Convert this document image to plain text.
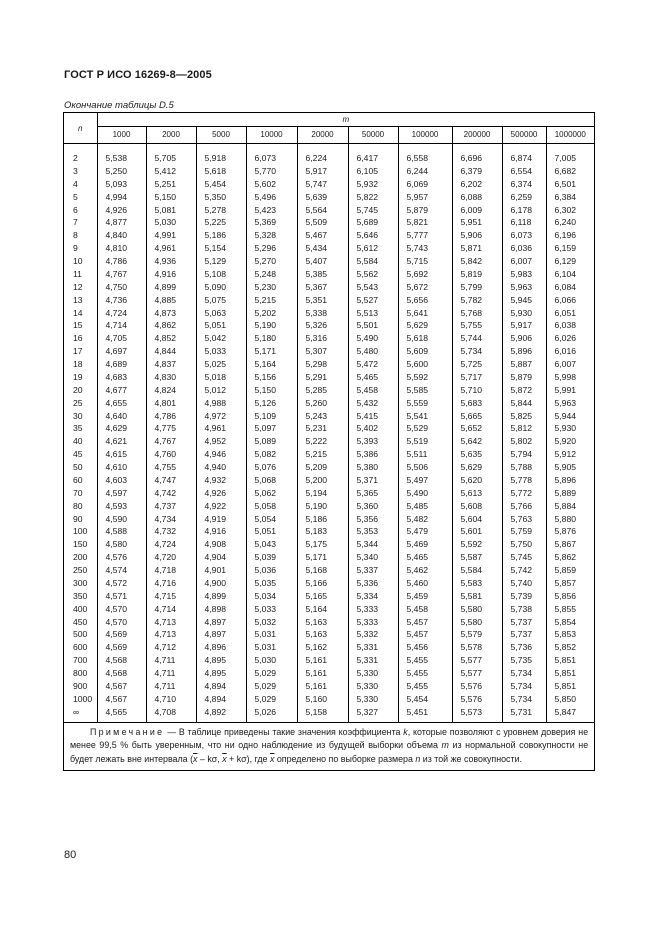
ГОСТ Р ИСО 16269-8—2005
Окончание таблицы D.5
n	m									
	1000	2000	5000	10000	20000	50000	100000	200000	500000	1000000

2	5,538	5,705	5,918	6,073	6,224	6,417	6,558	6,696	6,874	7,005
3	5,250	5,412	5,618	5,770	5,917	6,105	6,244	6,379	6,554	6,682
4	5,093	5,251	5,454	5,602	5,747	5,932	6,069	6,202	6,374	6,501
5	4,994	5,150	5,350	5,496	5,639	5,822	5,957	6,088	6,259	6,384
6	4,926	5,081	5,278	5,423	5,564	5,745	5,879	6,009	6,178	6,302
7	4,877	5,030	5,225	5,369	5,509	5,689	5,821	5,951	6,118	6,240
8	4,840	4,991	5,186	5,328	5,467	5,646	5,777	5,906	6,073	6,196
9	4,810	4,961	5,154	5,296	5,434	5,612	5,743	5,871	6,036	6,159
10	4,786	4,936	5,129	5,270	5,407	5,584	5,715	5,842	6,007	6,129
11	4,767	4,916	5,108	5,248	5,385	5,562	5,692	5,819	5,983	6,104
12	4,750	4,899	5,090	5,230	5,367	5,543	5,672	5,799	5,963	6,084
13	4,736	4,885	5,075	5,215	5,351	5,527	5,656	5,782	5,945	6,066
14	4,724	4,873	5,063	5,202	5,338	5,513	5,641	5,768	5,930	6,051
15	4,714	4,862	5,051	5,190	5,326	5,501	5,629	5,755	5,917	6,038
16	4,705	4,852	5,042	5,180	5,316	5,490	5,618	5,744	5,906	6,026
17	4,697	4,844	5,033	5,171	5,307	5,480	5,609	5,734	5,896	6,016
18	4,689	4,837	5,025	5,164	5,298	5,472	5,600	5,725	5,887	6,007
19	4,683	4,830	5,018	5,156	5,291	5,465	5,592	5,717	5,879	5,998
20	4,677	4,824	5,012	5,150	5,285	5,458	5,585	5,710	5,872	5,991
25	4,655	4,801	4,988	5,126	5,260	5,432	5,559	5,683	5,844	5,963
30	4,640	4,786	4,972	5,109	5,243	5,415	5,541	5,665	5,825	5,944
35	4,629	4,775	4,961	5,097	5,231	5,402	5,529	5,652	5,812	5,930
40	4,621	4,767	4,952	5,089	5,222	5,393	5,519	5,642	5,802	5,920
45	4,615	4,760	4,946	5,082	5,215	5,386	5,511	5,635	5,794	5,912
50	4,610	4,755	4,940	5,076	5,209	5,380	5,506	5,629	5,788	5,905
60	4,603	4,747	4,932	5,068	5,200	5,371	5,497	5,620	5,778	5,896
70	4,597	4,742	4,926	5,062	5,194	5,365	5,490	5,613	5,772	5,889
80	4,593	4,737	4,922	5,058	5,190	5,360	5,485	5,608	5,766	5,884
90	4,590	4,734	4,919	5,054	5,186	5,356	5,482	5,604	5,763	5,880
100	4,588	4,732	4,916	5,051	5,183	5,353	5,479	5,601	5,759	5,876
150	4,580	4,724	4,908	5,043	5,175	5,344	5,469	5,592	5,750	5,867
200	4,576	4,720	4,904	5,039	5,171	5,340	5,465	5,587	5,745	5,862
250	4,574	4,718	4,901	5,036	5,168	5,337	5,462	5,584	5,742	5,859
300	4,572	4,716	4,900	5,035	5,166	5,336	5,460	5,583	5,740	5,857
350	4,571	4,715	4,899	5,034	5,165	5,334	5,459	5,581	5,739	5,856
400	4,570	4,714	4,898	5,033	5,164	5,333	5,458	5,580	5,738	5,855
450	4,570	4,713	4,897	5,032	5,163	5,333	5,457	5,580	5,737	5,854
500	4,569	4,713	4,897	5,031	5,163	5,332	5,457	5,579	5,737	5,853
600	4,569	4,712	4,896	5,031	5,162	5,331	5,456	5,578	5,736	5,852
700	4,568	4,711	4,895	5,030	5,161	5,331	5,455	5,577	5,735	5,851
800	4,568	4,711	4,895	5,029	5,161	5,330	5,455	5,577	5,734	5,851
900	4,567	4,711	4,894	5,029	5,161	5,330	5,455	5,576	5,734	5,851
1000	4,567	4,710	4,894	5,029	5,160	5,330	5,454	5,576	5,734	5,850
∞	4,565	4,708	4,892	5,026	5,158	5,327	5,451	5,573	5,731	5,847
Примечание — В таблице приведены такие значения коэффициента k, которые позволяют с уровнем доверия не менее 99,5 % быть уверенным, что ни одно наблюдение из будущей выборки объема m из нормальной совокупности не будет лежать вне интервала ($\overline{x}$ – kσ, $\overline{x} + k\sigma$), где $\overline{x}$ определено по выборке размера n из той же совокупности.										
80
